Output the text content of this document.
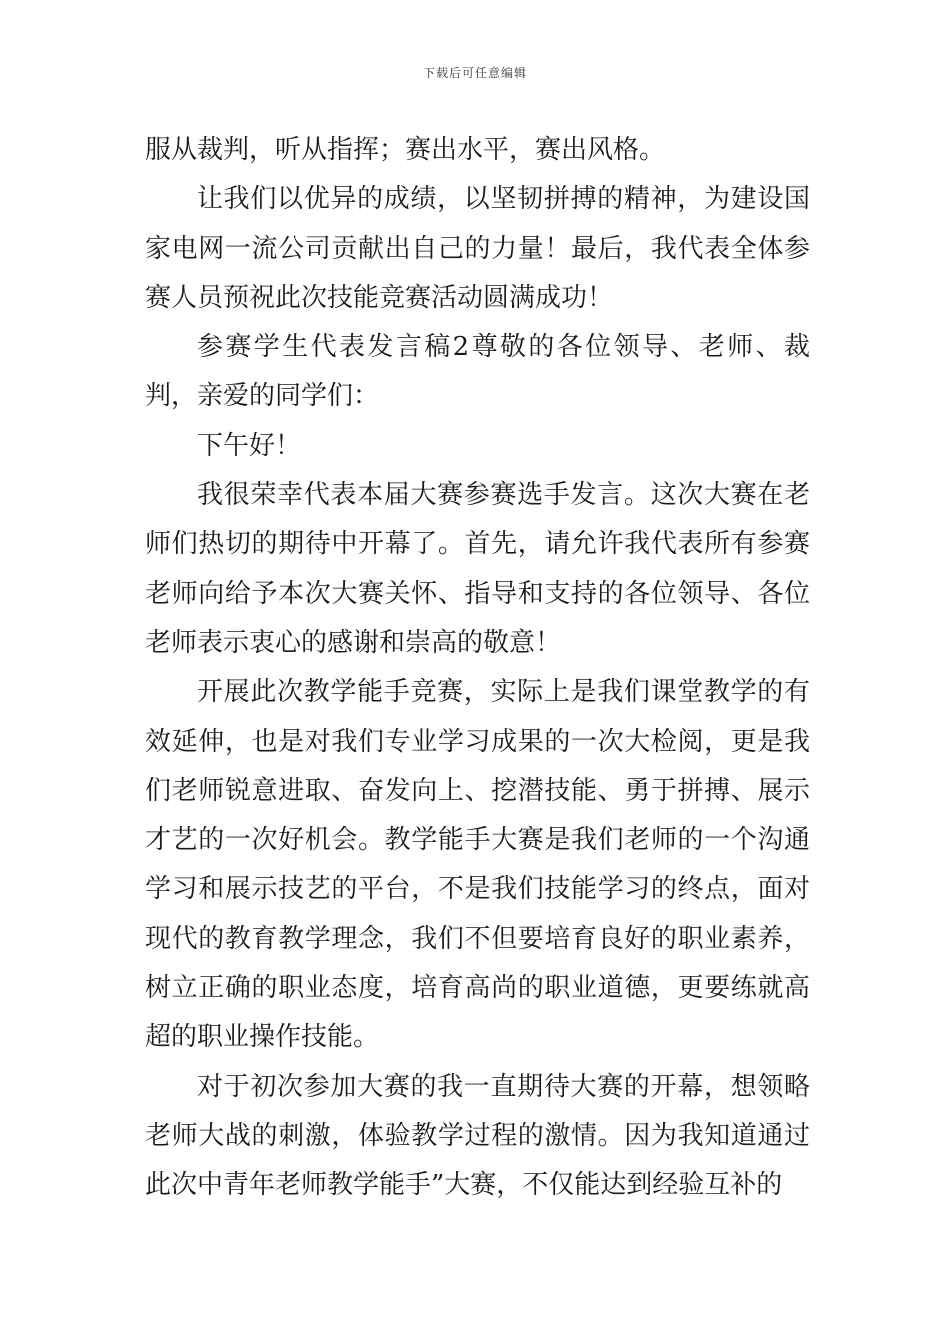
下载后可任意编辑

服从裁判，听从指挥；赛出水平，赛出风格。

让我们以优异的成绩，以坚韧拼搏的精神，为建设国家电网一流公司贡献出自己的力量！最后，我代表全体参赛人员预祝此次技能竞赛活动圆满成功！

参赛学生代表发言稿2尊敬的各位领导、老师、裁判，亲爱的同学们：

下午好！

我很荣幸代表本届大赛参赛选手发言。这次大赛在老师们热切的期待中开幕了。首先，请允许我代表所有参赛老师向给予本次大赛关怀、指导和支持的各位领导、各位老师表示衷心的感谢和崇高的敬意！

开展此次教学能手竞赛，实际上是我们课堂教学的有效延伸，也是对我们专业学习成果的一次大检阅，更是我们老师锐意进取、奋发向上、挖潜技能、勇于拼搏、展示才艺的一次好机会。教学能手大赛是我们老师的一个沟通学习和展示技艺的平台，不是我们技能学习的终点，面对现代的教育教学理念，我们不但要培育良好的职业素养，树立正确的职业态度，培育高尚的职业道德，更要练就高超的职业操作技能。

对于初次参加大赛的我一直期待大赛的开幕，想领略老师大战的刺激，体验教学过程的激情。因为我知道通过此次中青年老师教学能手”大赛，不仅能达到经验互补的
